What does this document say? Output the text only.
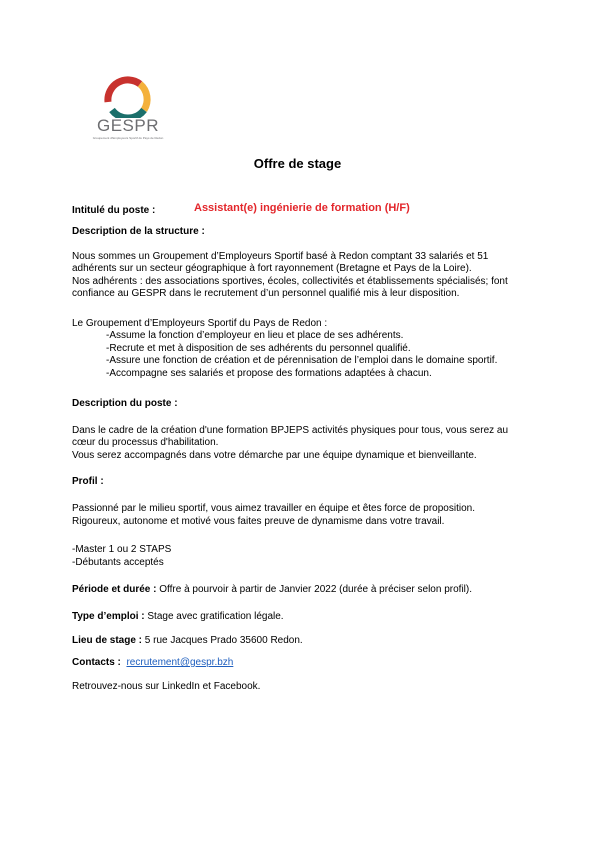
GESPR
Groupement d'Employeurs Sportif du Pays de Redon
Offre de stage
Intitulé du poste :	Assistant(e) ingénierie de formation (H/F)
Description de la structure :
Nous sommes un Groupement d’Employeurs Sportif basé à Redon comptant 33 salariés et 51
adhérents sur un secteur géographique à fort rayonnement (Bretagne et Pays de la Loire).
Nos adhérents : des associations sportives, écoles, collectivités et établissements spécialisés; font
confiance au GESPR dans le recrutement d’un personnel qualifié mis à leur disposition.
Le Groupement d’Employeurs Sportif du Pays de Redon :
-Assume la fonction d’employeur en lieu et place de ses adhérents.
-Recrute et met à disposition de ses adhérents du personnel qualifié.
-Assure une fonction de création et de pérennisation de l’emploi dans le domaine sportif.
-Accompagne ses salariés et propose des formations adaptées à chacun.
Description du poste :
Dans le cadre de la création d'une formation BPJEPS activités physiques pour tous, vous serez au
cœur du processus d'habilitation.
Vous serez accompagnés dans votre démarche par une équipe dynamique et bienveillante.
Profil :
Passionné par le milieu sportif, vous aimez travailler en équipe et êtes force de proposition.
Rigoureux, autonome et motivé vous faites preuve de dynamisme dans votre travail.
-Master 1 ou 2 STAPS
-Débutants acceptés
Période et durée : Offre à pourvoir à partir de Janvier 2022 (durée à préciser selon profil).
Type d’emploi : Stage avec gratification légale.
Lieu de stage : 5 rue Jacques Prado 35600 Redon.
Contacts : recrutement@gespr.bzh
Retrouvez-nous sur LinkedIn et Facebook.
